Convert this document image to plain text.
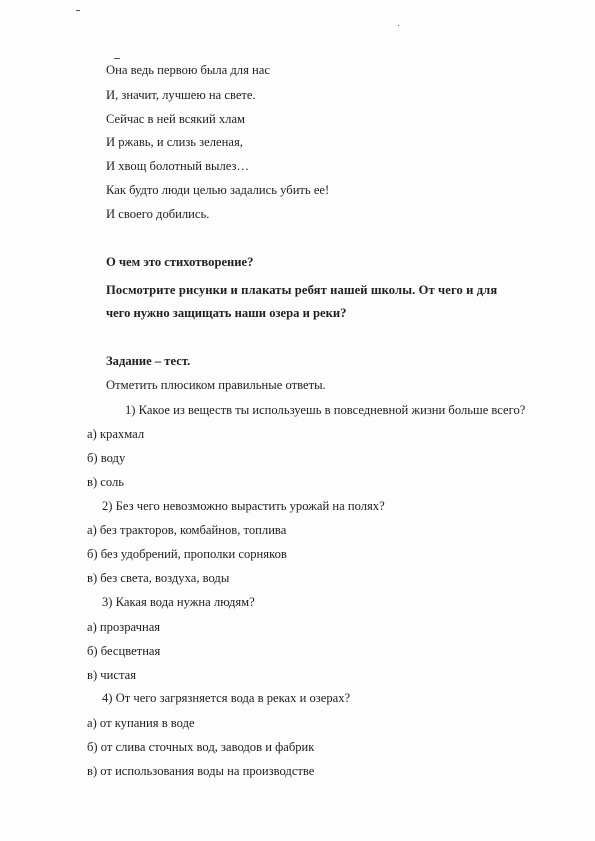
Она ведь первою была для нас
И, значит, лучшею на свете.
Сейчас в ней всякий хлам
И ржавь, и слизь зеленая,
И хвощ болотный вылез…
Как будто люди целью задались убить ее!
И своего добились.
О чем это стихотворение?
Посмотрите рисунки и плакаты ребят нашей школы. От чего и для
чего нужно защищать наши озера и реки?
Задание – тест.
Отметить плюсиком правильные ответы.
1) Какое из веществ ты используешь в повседневной жизни больше всего?
а) крахмал
б) воду
в) соль
2) Без чего невозможно вырастить урожай на полях?
а) без тракторов, комбайнов, топлива
б) без удобрений, прополки сорняков
в) без света, воздуха, воды
3) Какая вода нужна людям?
а) прозрачная
б) бесцветная
в) чистая
4) От чего загрязняется вода в реках и озерах?
а) от купания в воде
б) от слива сточных вод, заводов и фабрик
в) от использования воды на производстве
